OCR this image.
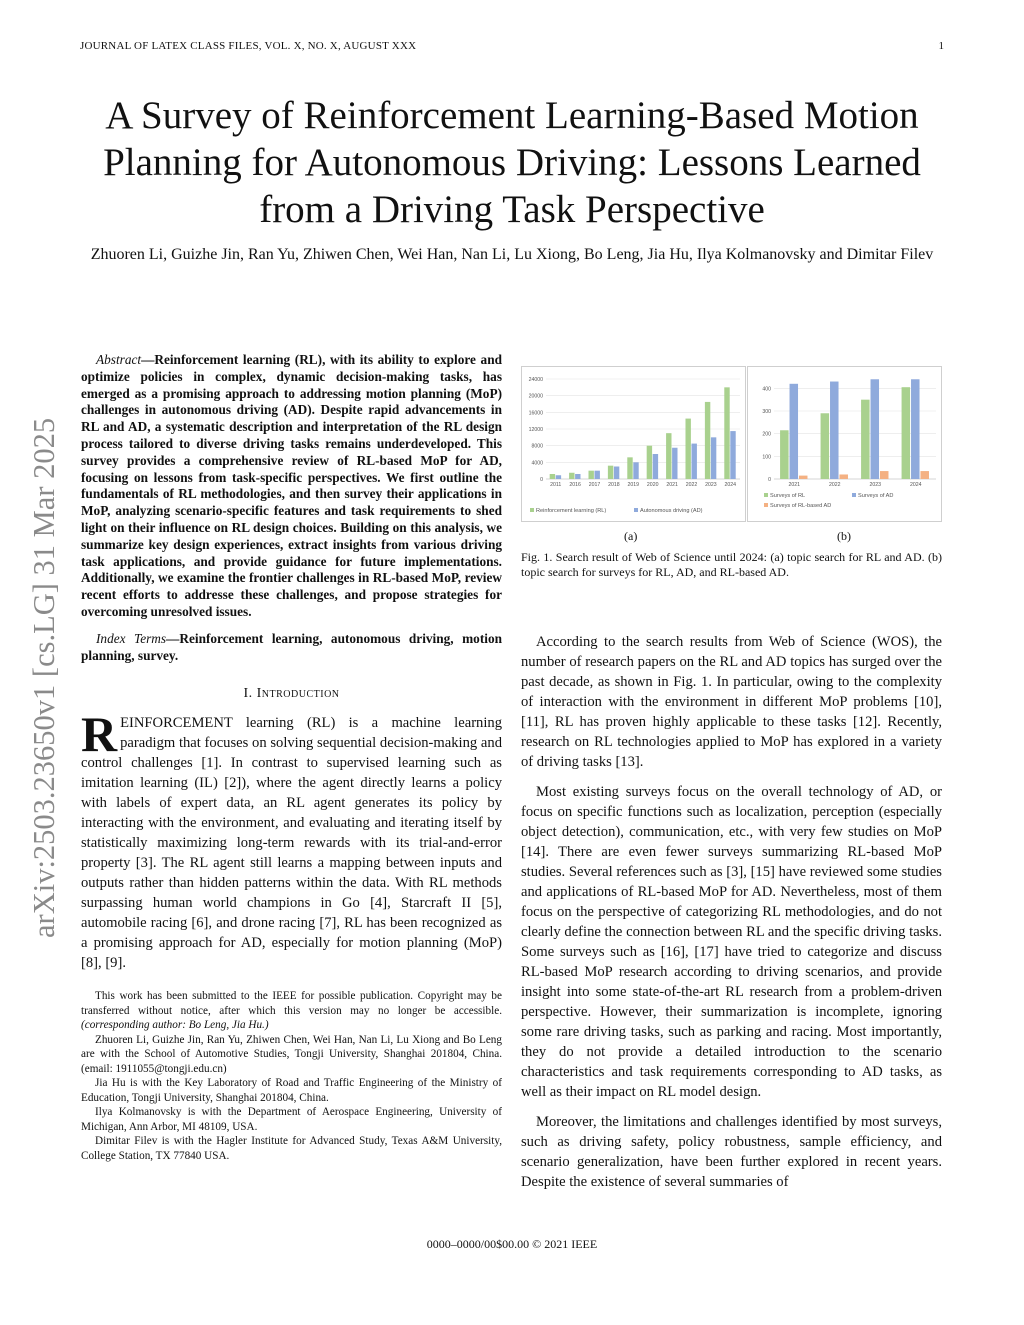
JOURNAL OF LATEX CLASS FILES, VOL. X, NO. X, AUGUST XXX	1
A Survey of Reinforcement Learning-Based Motion Planning for Autonomous Driving: Lessons Learned from a Driving Task Perspective
Zhuoren Li, Guizhe Jin, Ran Yu, Zhiwen Chen, Wei Han, Nan Li, Lu Xiong, Bo Leng, Jia Hu, Ilya Kolmanovsky and Dimitar Filev
arXiv:2503.23650v1 [cs.LG] 31 Mar 2025

Abstract—Reinforcement learning (RL), with its ability to explore and optimize policies in complex, dynamic decision-making tasks, has emerged as a promising approach to addressing motion planning (MoP) challenges in autonomous driving (AD). Despite rapid advancements in RL and AD, a systematic description and interpretation of the RL design process tailored to diverse driving tasks remains underdeveloped. This survey provides a comprehensive review of RL-based MoP for AD, focusing on lessons from task-specific perspectives. We first outline the fundamentals of RL methodologies, and then survey their applications in MoP, analyzing scenario-specific features and task requirements to shed light on their influence on RL design choices. Building on this analysis, we summarize key design experiences, extract insights from various driving task applications, and provide guidance for future implementations. Additionally, we examine the frontier challenges in RL-based MoP, review recent efforts to addresse these challenges, and propose strategies for overcoming unresolved issues.

Index Terms—Reinforcement learning, autonomous driving, motion planning, survey.

I. Introduction

REINFORCEMENT learning (RL) is a machine learning paradigm that focuses on solving sequential decision-making and control challenges [1]. In contrast to supervised learning such as imitation learning (IL) [2]), where the agent directly learns a policy with labels of expert data, an RL agent generates its policy by interacting with the environment, and evaluating and iterating itself by statistically maximizing long-term rewards with its trial-and-error property [3]. The RL agent still learns a mapping between inputs and outputs rather than hidden patterns within the data. With RL methods surpassing human world champions in Go [4], Starcraft II [5], automobile racing [6], and drone racing [7], RL has been recognized as a promising approach for AD, especially for motion planning (MoP) [8], [9].

This work has been submitted to the IEEE for possible publication. Copyright may be transferred without notice, after which this version may no longer be accessible. (corresponding author: Bo Leng, Jia Hu.)

Zhuoren Li, Guizhe Jin, Ran Yu, Zhiwen Chen, Wei Han, Nan Li, Lu Xiong and Bo Leng are with the School of Automotive Studies, Tongji University, Shanghai 201804, China. (email: 1911055@tongji.edu.cn)

Jia Hu is with the Key Laboratory of Road and Traffic Engineering of the Ministry of Education, Tongji University, Shanghai 201804, China.

Ilya Kolmanovsky is with the Department of Aerospace Engineering, University of Michigan, Ann Arbor, MI 48109, USA.

Dimitar Filev is with the Hagler Institute for Advanced Study, Texas A&M University, College Station, TX 77840 USA.

0
4000
8000
12000
16000
20000
24000
2011 2016 2017 2018 2019 2020 2021 2022 2023 2024
Reinforcement learning (RL)	Autonomous driving (AD)
0
100
200
300
400
2021	2022	2023	2024
Surveys of RL	Surveys of AD
Surveys of RL-based AD
(a)	(b)

Fig. 1. Search result of Web of Science until 2024: (a) topic search for RL and AD. (b) topic search for surveys for RL, AD, and RL-based AD.

According to the search results from Web of Science (WOS), the number of research papers on the RL and AD topics has surged over the past decade, as shown in Fig. 1. In particular, owing to the complexity of interaction with the environment in different MoP problems [10], [11], RL has proven highly applicable to these tasks [12]. Recently, research on RL technologies applied to MoP has explored in a variety of driving tasks [13].

Most existing surveys focus on the overall technology of AD, or focus on specific functions such as localization, perception (especially object detection), communication, etc., with very few studies on MoP [14]. There are even fewer surveys summarizing RL-based MoP studies. Several references such as [3], [15] have reviewed some studies and applications of RL-based MoP for AD. Nevertheless, most of them focus on the perspective of categorizing RL methodologies, and do not clearly define the connection between RL and the specific driving tasks. Some surveys such as [16], [17] have tried to categorize and discuss RL-based MoP research according to driving scenarios, and provide insight into some state-of-the-art RL research from a problem-driven perspective. However, their summarization is incomplete, ignoring some rare driving tasks, such as parking and racing. Most importantly, they do not provide a detailed introduction to the scenario characteristics and task requirements corresponding to AD tasks, as well as their impact on RL model design.

Moreover, the limitations and challenges identified by most surveys, such as driving safety, policy robustness, sample efficiency, and scenario generalization, have been further explored in recent years. Despite the existence of several summaries of

0000–0000/00$00.00 © 2021 IEEE
